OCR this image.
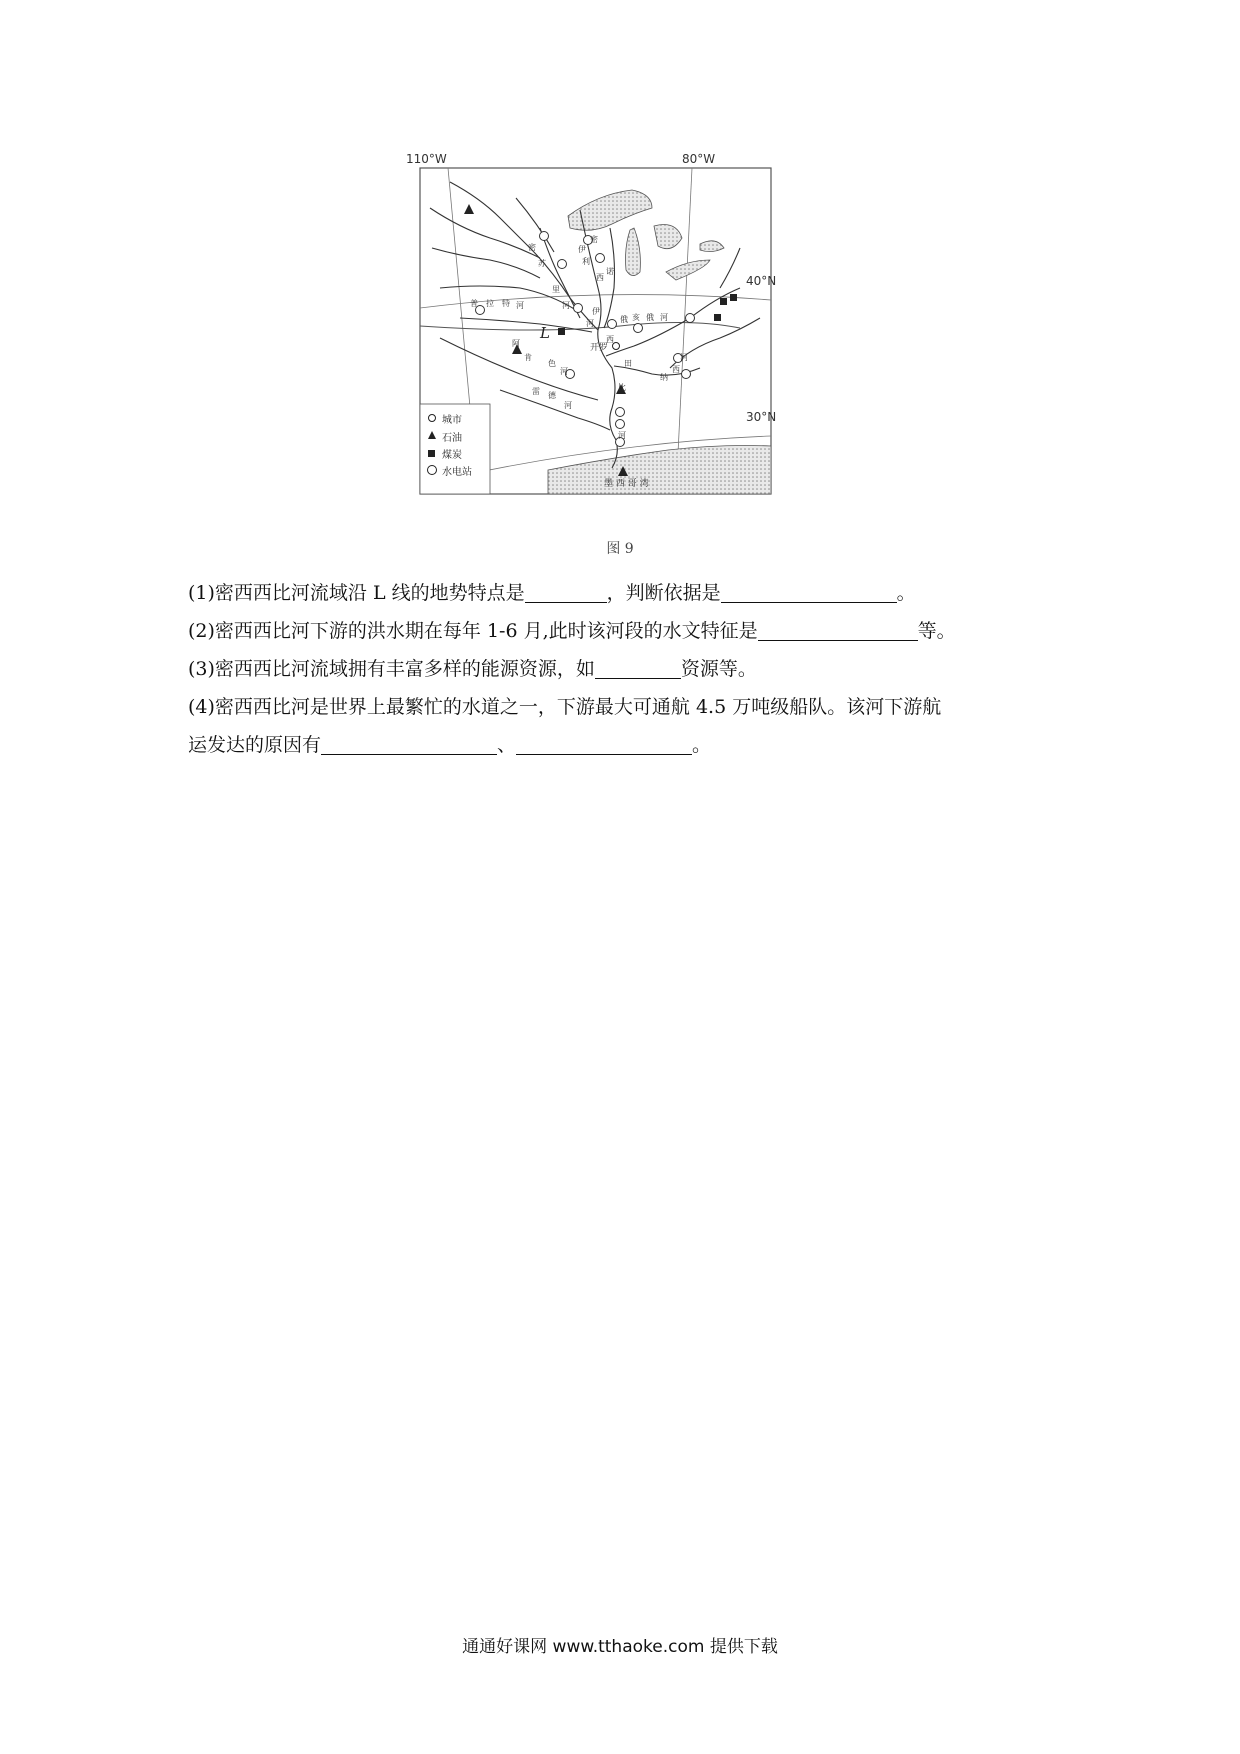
110°W	80°W
40°N
30°N
L
开罗
墨 西 哥 湾
密
西
西
比
河
密
苏
里
河
俄 亥 俄 河
田
纳
西
河
阿
肯
色
河
雷 德
河
普 拉 特 河
伊
利
诺
伊
河
城市
石油
煤炭
水电站
图 9
(1)密西西比河流域沿 L 线的地势特点是	，判断依据是	。
(2)密西西比河下游的洪水期在每年 1-6 月,此时该河段的水文特征是	等。
(3)密西西比河流域拥有丰富多样的能源资源，如	资源等。
(4)密西西比河是世界上最繁忙的水道之一，下游最大可通航 4.5 万吨级船队。该河下游航
运发达的原因有	、	。
通通好课网 www.tthaoke.com 提供下载
